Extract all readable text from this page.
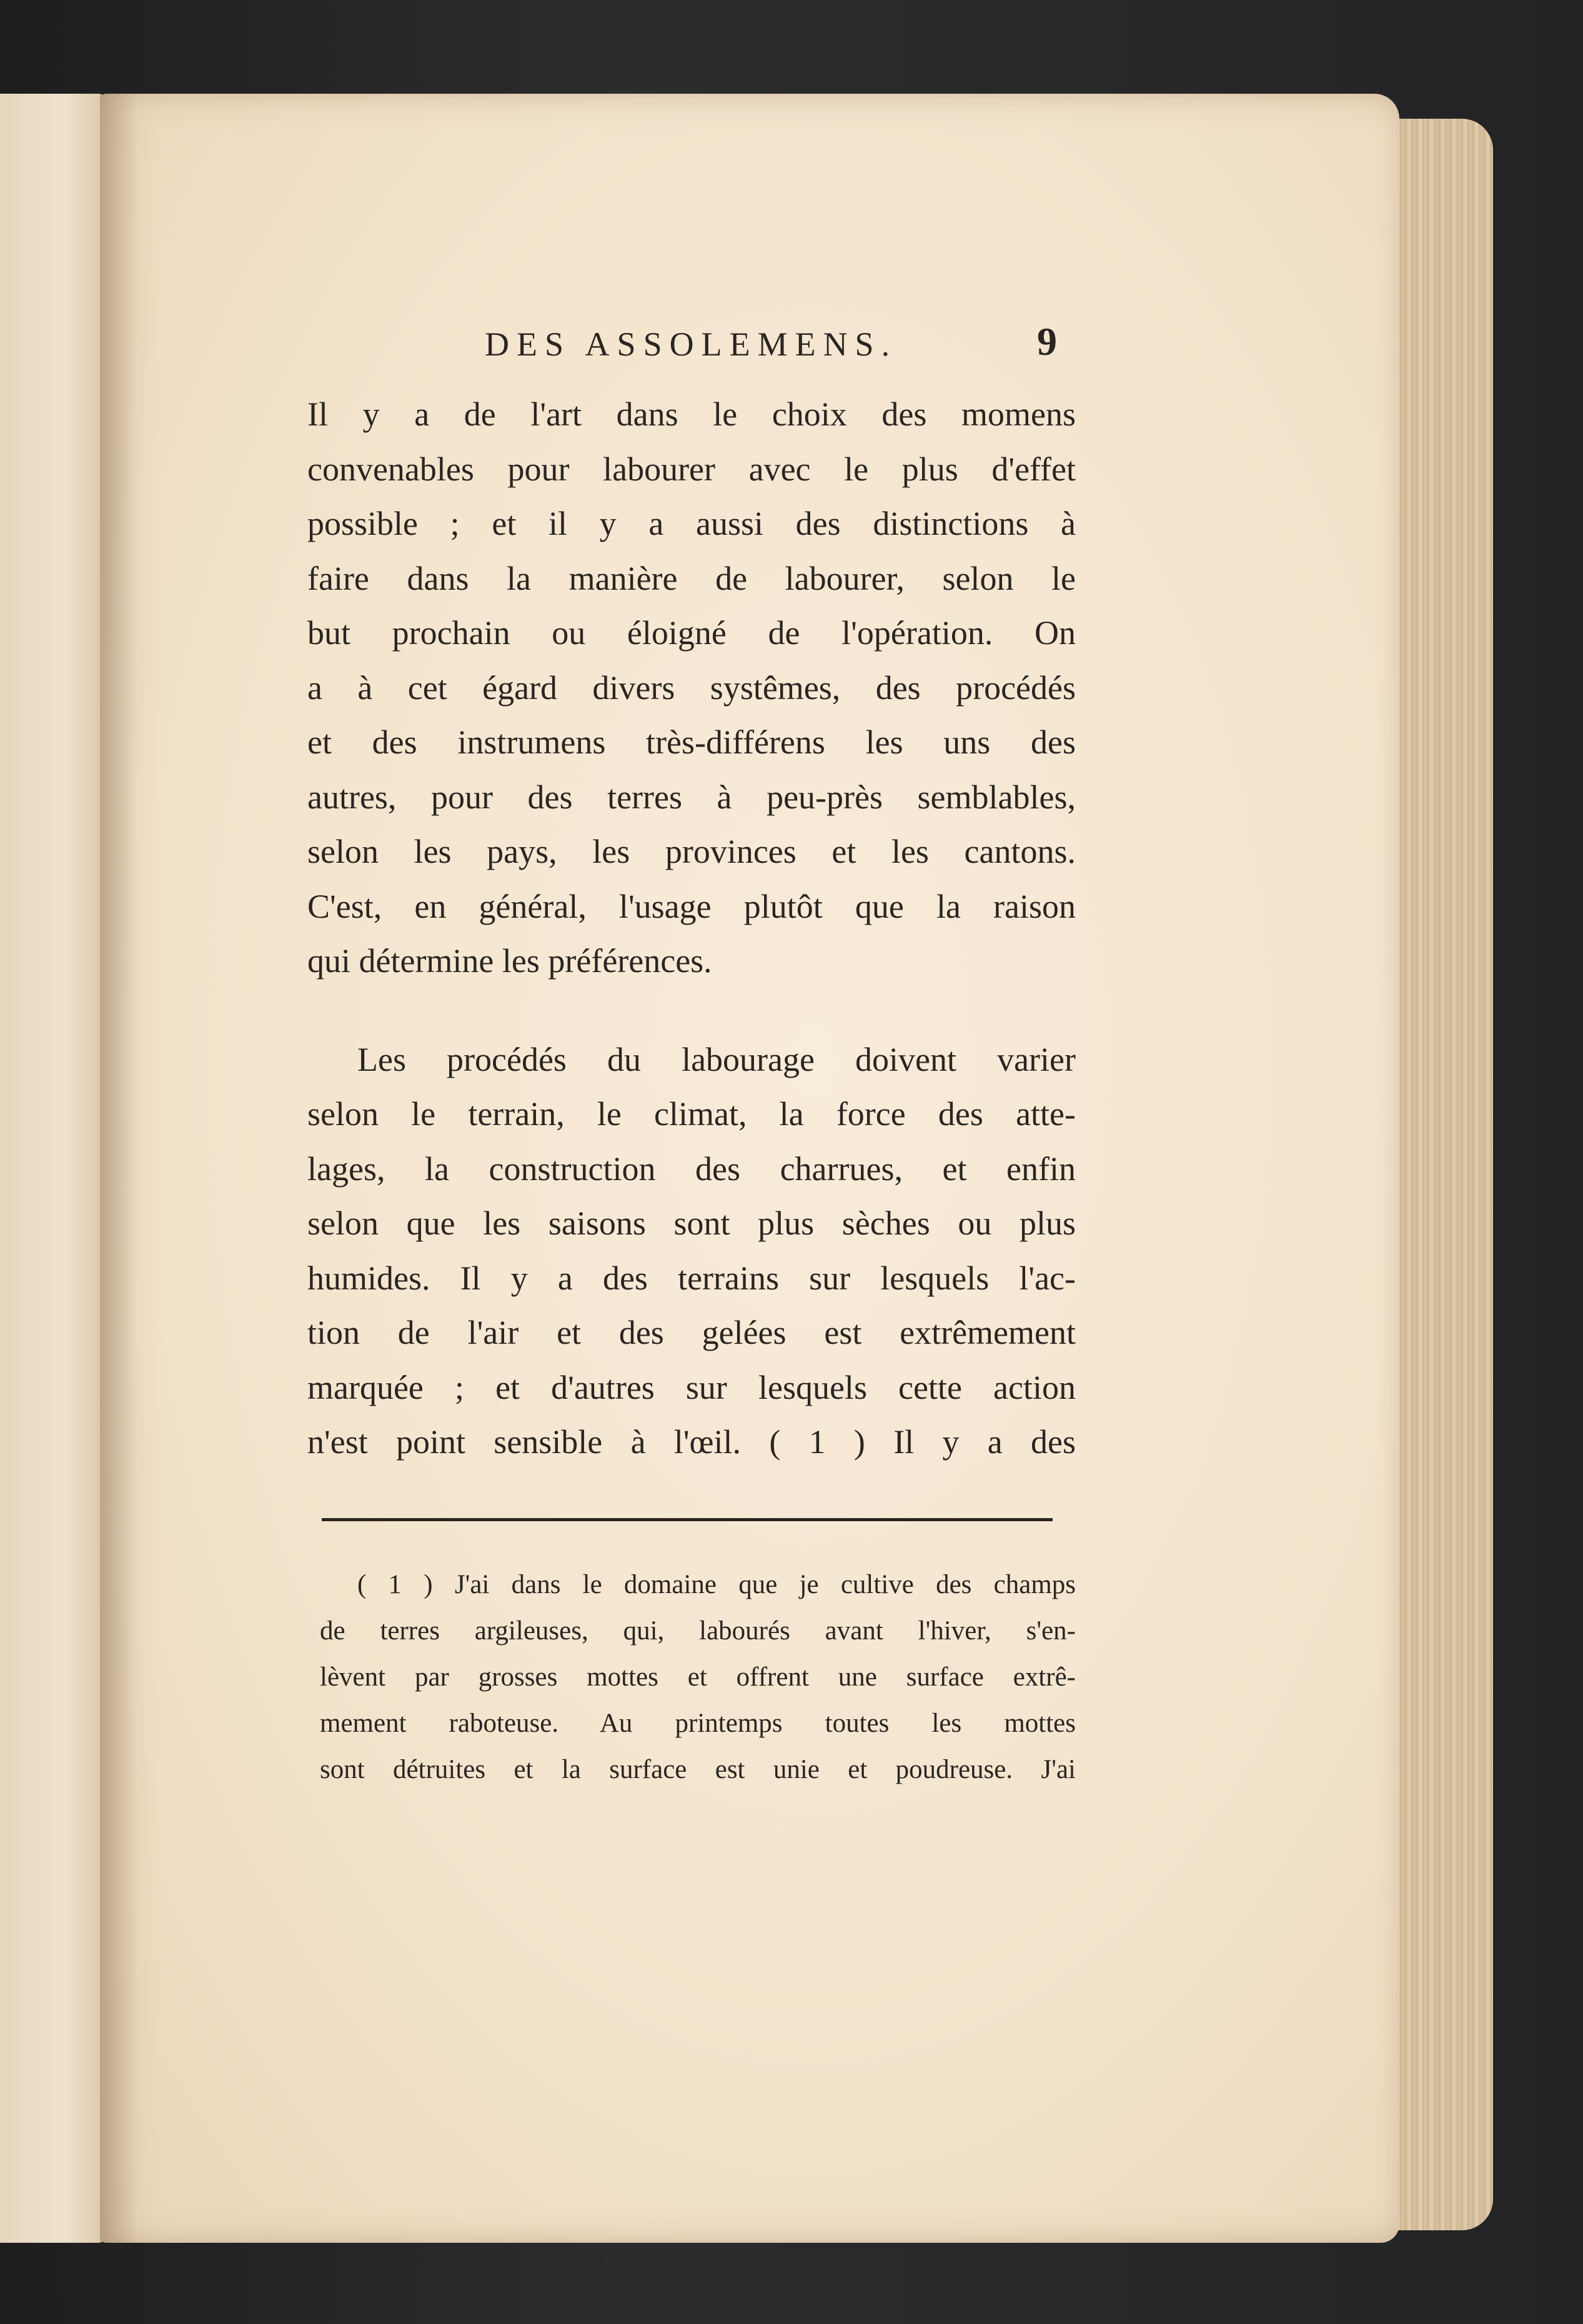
DES ASSOLEMENS.	9
Il y a de l'art dans le choix des momens
convenables pour labourer avec le plus d'effet
possible ; et il y a aussi des distinctions à
faire dans la manière de labourer, selon le
but prochain ou éloigné de l'opération. On
a à cet égard divers systêmes, des procédés
et des instrumens très-différens les uns des
autres, pour des terres à peu-près semblables,
selon les pays, les provinces et les cantons.
C'est, en général, l'usage plutôt que la raison
qui détermine les préférences.
Les procédés du labourage doivent varier
selon le terrain, le climat, la force des atte-
lages, la construction des charrues, et enfin
selon que les saisons sont plus sèches ou plus
humides. Il y a des terrains sur lesquels l'ac-
tion de l'air et des gelées est extrêmement
marquée ; et d'autres sur lesquels cette action
n'est point sensible à l'œil. ( 1 ) Il y a des
( 1 ) J'ai dans le domaine que je cultive des champs
de terres argileuses, qui, labourés avant l'hiver, s'en-
lèvent par grosses mottes et offrent une surface extrê-
mement raboteuse. Au printemps toutes les mottes
sont détruites et la surface est unie et poudreuse. J'ai
